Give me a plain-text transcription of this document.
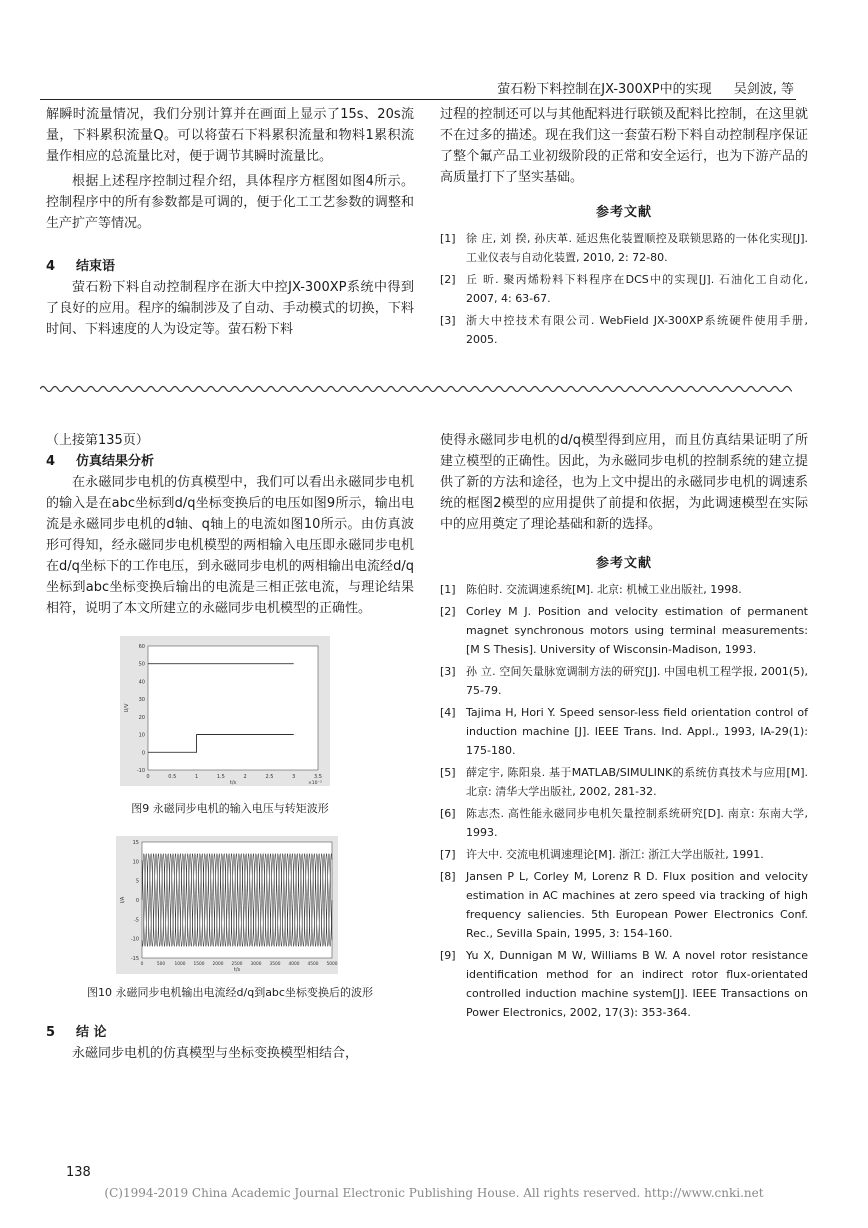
萤石粉下料控制在JX-300XP中的实现 吴剑波, 等

解瞬时流量情况，我们分别计算并在画面上显示了15s、20s流量，下料累积流量Q。可以将萤石下料累积流量和物料1累积流量作相应的总流量比对，便于调节其瞬时流量比。

根据上述程序控制过程介绍，具体程序方框图如图4所示。控制程序中的所有参数都是可调的，便于化工工艺参数的调整和生产扩产等情况。

4 结束语

萤石粉下料自动控制程序在浙大中控JX-300XP系统中得到了良好的应用。程序的编制涉及了自动、手动模式的切换，下料时间、下料速度的人为设定等。萤石粉下料

过程的控制还可以与其他配料进行联锁及配料比控制，在这里就不在过多的描述。现在我们这一套萤石粉下料自动控制程序保证了整个氟产品工业初级阶段的正常和安全运行，也为下游产品的高质量打下了坚实基础。

参考文献
[1] 徐 庄, 刘 揆, 孙庆革. 延迟焦化装置顺控及联锁思路的一体化实现[J]. 工业仪表与自动化装置, 2010, 2: 72-80.
[2] 丘 昕. 聚丙烯粉料下料程序在DCS中的实现[J]. 石油化工自动化, 2007, 4: 63-67.
[3] 浙大中控技术有限公司. WebField JX-300XP系统硬件使用手册, 2005.

（上接第135页）

4 仿真结果分析

在永磁同步电机的仿真模型中，我们可以看出永磁同步电机的输入是在abc坐标到d/q坐标变换后的电压如图9所示，输出电流是永磁同步电机的d轴、q轴上的电流如图10所示。由仿真波形可得知，经永磁同步电机模型的两相输入电压即永磁同步电机在d/q坐标下的工作电压，到永磁同步电机的两相输出电流经d/q坐标到abc坐标变换后输出的电流是三相正弦电流，与理论结果相符，说明了本文所建立的永磁同步电机模型的正确性。

0	0.5	1	1.5	2	2.5	3	3.5
60
50
40
30
20
10
0
-10
t/s	×10⁻³
U/V
图9 永磁同步电机的输入电压与转矩波形
0	500 1000 1500 2000 2500 3000 3500 4000 4500 5000
15
10
5
0
-5
-10
-15
t/s
I/A
图10 永磁同步电机输出电流经d/q到abc坐标变换后的波形
5 结 论

永磁同步电机的仿真模型与坐标变换模型相结合，

使得永磁同步电机的d/q模型得到应用，而且仿真结果证明了所建立模型的正确性。因此，为永磁同步电机的控制系统的建立提供了新的方法和途径，也为上文中提出的永磁同步电机的调速系统的框图2模型的应用提供了前提和依据，为此调速模型在实际中的应用奠定了理论基础和新的选择。

参考文献
[1] 陈伯时. 交流调速系统[M]. 北京: 机械工业出版社, 1998.
[2] Corley M J. Position and velocity estimation of permanent magnet synchronous motors using terminal measurements:[M S Thesis]. University of Wisconsin-Madison, 1993.
[3] 孙 立. 空间矢量脉宽调制方法的研究[J]. 中国电机工程学报, 2001(5), 75-79.
[4] Tajima H, Hori Y. Speed sensor-less field orientation control of induction machine [J]. IEEE Trans. Ind. Appl., 1993, IA-29(1): 175-180.
[5] 薛定宇, 陈阳泉. 基于MATLAB/SIMULINK的系统仿真技术与应用[M]. 北京: 清华大学出版社, 2002, 281-32.
[6] 陈志杰. 高性能永磁同步电机矢量控制系统研究[D]. 南京: 东南大学, 1993.
[7] 许大中. 交流电机调速理论[M]. 浙江: 浙江大学出版社, 1991.
[8] Jansen P L, Corley M, Lorenz R D. Flux position and velocity estimation in AC machines at zero speed via tracking of high frequency saliencies. 5th European Power Electronics Conf. Rec., Sevilla Spain, 1995, 3: 154-160.
[9] Yu X, Dunnigan M W, Williams B W. A novel rotor resistance identification method for an indirect rotor flux-orientated controlled induction machine system[J]. IEEE Transactions on Power Electronics, 2002, 17(3): 353-364.
138
(C)1994-2019 China Academic Journal Electronic Publishing House. All rights reserved. http://www.cnki.net
